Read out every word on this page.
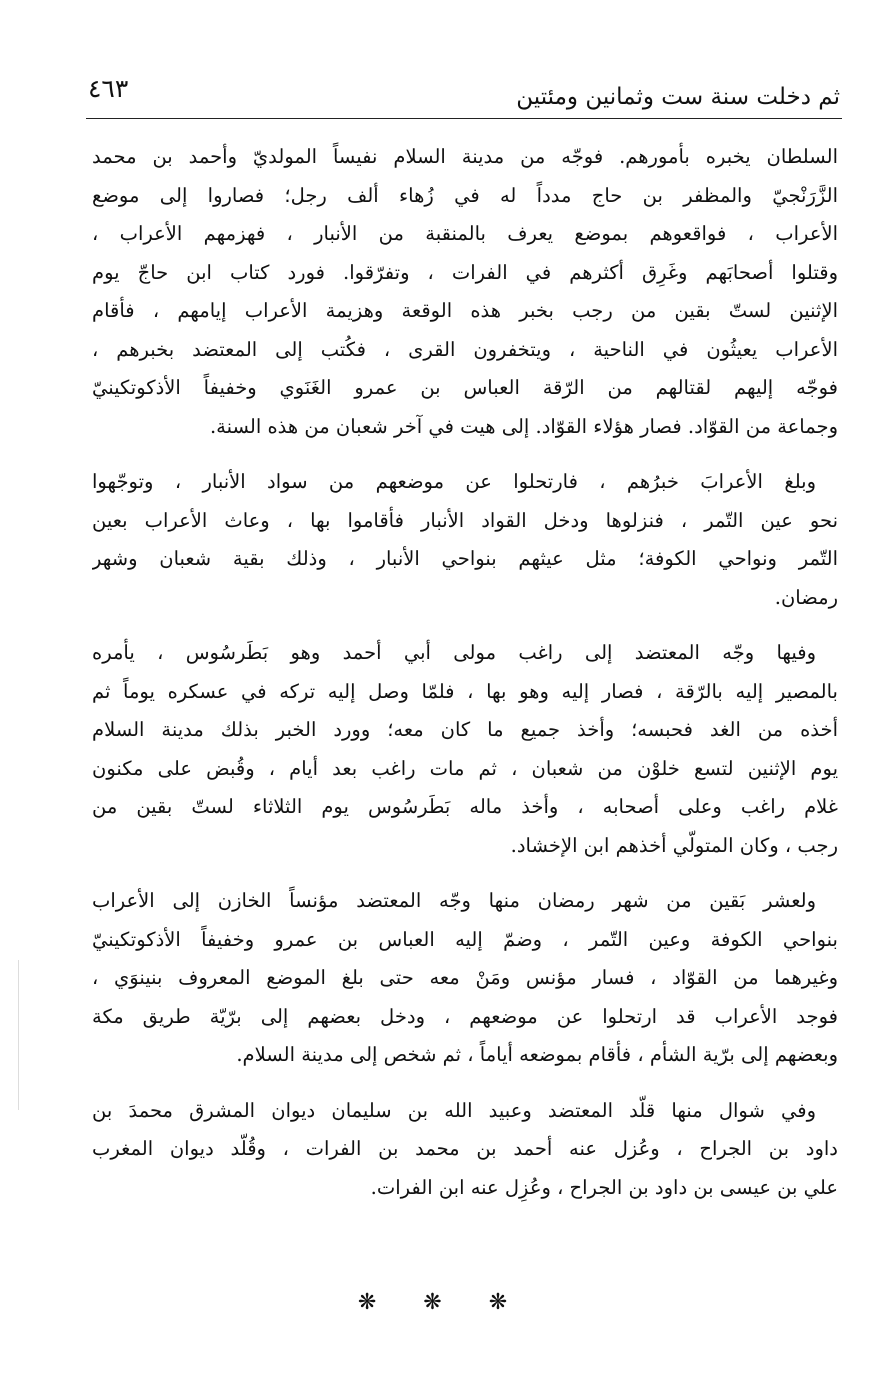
ثم دخلت سنة ست وثمانين ومئتين
٤٦٣
السلطان يخبره بأمورهم. فوجّه من مدينة السلام نفيساً المولديّ وأحمد بن محمد
الزَّرَنْجيّ والمظفر بن حاج مدداً له في زُهاء ألف رجل؛ فصاروا إلى موضع
الأعراب ، فواقعوهم بموضع يعرف بالمنقبة من الأنبار ، فهزمهم الأعراب ،
وقتلوا أصحابَهم وغَرِق أكثرهم في الفرات ، وتفرّقوا. فورد كتاب ابن حاجّ يوم
الإثنين لستّ بقين من رجب بخبر هذه الوقعة وهزيمة الأعراب إيامهم ، فأقام
الأعراب يعيثُون في الناحية ، ويتخفرون القرى ، فكُتب إلى المعتضد بخبرهم ،
فوجّه إليهم لقتالهم من الرّقة العباس بن عمرو الغَنَوي وخفيفاً الأذكوتكينيّ
وجماعة من القوّاد. فصار هؤلاء القوّاد. إلى هيت في آخر شعبان من هذه السنة.
وبلغ الأعرابَ خبرُهم ، فارتحلوا عن موضعهم من سواد الأنبار ، وتوجّهوا
نحو عين التّمر ، فنزلوها ودخل القواد الأنبار فأقاموا بها ، وعاث الأعراب بعين
التّمر ونواحي الكوفة؛ مثل عيثهم بنواحي الأنبار ، وذلك بقية شعبان وشهر
رمضان.
وفيها وجّه المعتضد إلى راغب مولى أبي أحمد وهو بَطَرسُوس ، يأمره
بالمصير إليه بالرّقة ، فصار إليه وهو بها ، فلمّا وصل إليه تركه في عسكره يوماً ثم
أخذه من الغد فحبسه؛ وأخذ جميع ما كان معه؛ وورد الخبر بذلك مدينة السلام
يوم الإثنين لتسع خلوْن من شعبان ، ثم مات راغب بعد أيام ، وقُبض على مكنون
غلام راغب وعلى أصحابه ، وأخذ ماله بَطَرسُوس يوم الثلاثاء لستّ بقين من
رجب ، وكان المتولّي أخذهم ابن الإخشاد.
ولعشر بَقين من شهر رمضان منها وجّه المعتضد مؤنساً الخازن إلى الأعراب
بنواحي الكوفة وعين التّمر ، وضمّ إليه العباس بن عمرو وخفيفاً الأذكوتكينيّ
وغيرهما من القوّاد ، فسار مؤنس ومَنْ معه حتى بلغ الموضع المعروف بنينوَي ،
فوجد الأعراب قد ارتحلوا عن موضعهم ، ودخل بعضهم إلى برّيّة طريق مكة
وبعضهم إلى برّية الشأم ، فأقام بموضعه أياماً ، ثم شخص إلى مدينة السلام.
وفي شوال منها قلّد المعتضد وعبيد الله بن سليمان ديوان المشرق محمدَ بن
داود بن الجراح ، وعُزل عنه أحمد بن محمد بن الفرات ، وقُلّد ديوان المغرب
علي بن عيسى بن داود بن الجراح ، وعُزِل عنه ابن الفرات.
❋ ❋ ❋
